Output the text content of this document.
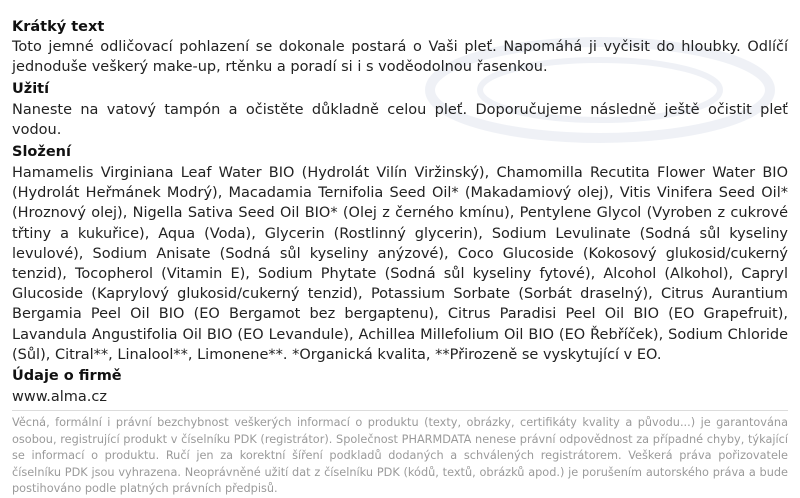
Krátký text
Toto jemné odličovací pohlazení se dokonale postará o Vaši pleť. Napomáhá ji vyčisit do hloubky. Odlíčí jednoduše veškerý make-up, rtěnku a poradí si i s voděodolnou řasenkou.
Užití
Naneste na vatový tampón a očistěte důkladně celou pleť. Doporučujeme následně ještě očistit pleť vodou.
Složení
Hamamelis Virginiana Leaf Water BIO (Hydrolát Vilín Viržinský), Chamomilla Recutita Flower Water BIO (Hydrolát Heřmánek Modrý), Macadamia Ternifolia Seed Oil* (Makadamiový olej), Vitis Vinifera Seed Oil* (Hroznový olej), Nigella Sativa Seed Oil BIO* (Olej z černého kmínu), Pentylene Glycol (Vyroben z cukrové třtiny a kukuřice), Aqua (Voda), Glycerin (Rostlinný glycerin), Sodium Levulinate (Sodná sůl kyseliny levulové), Sodium Anisate (Sodná sůl kyseliny anýzové), Coco Glucoside (Kokosový glukosid/cukerný tenzid), Tocopherol (Vitamin E), Sodium Phytate (Sodná sůl kyseliny fytové), Alcohol (Alkohol), Capryl Glucoside (Kaprylový glukosid/cukerný tenzid), Potassium Sorbate (Sorbát draselný), Citrus Aurantium Bergamia Peel Oil BIO (EO Bergamot bez bergaptenu), Citrus Paradisi Peel Oil BIO (EO Grapefruit), Lavandula Angustifolia Oil BIO (EO Levandule), Achillea Millefolium Oil BIO (EO Řebříček), Sodium Chloride (Sůl), Citral**, Linalool**, Limonene**. *Organická kvalita, **Přirozeně se vyskytující v EO.
Údaje o firmě
www.alma.cz

Věcná, formální i právní bezchybnost veškerých informací o produktu (texty, obrázky, certifikáty kvality a původu...) je garantována osobou, registrující produkt v číselníku PDK (registrátor). Společnost PHARMDATA nenese právní odpovědnost za případné chyby, týkající se informací o produktu. Ručí jen za korektní šíření podkladů dodaných a schválených registrátorem. Veškerá práva pořizovatele číselníku PDK jsou vyhrazena. Neoprávněné užití dat z číselníku PDK (kódů, textů, obrázků apod.) je porušením autorského práva a bude postihováno podle platných právních předpisů.
